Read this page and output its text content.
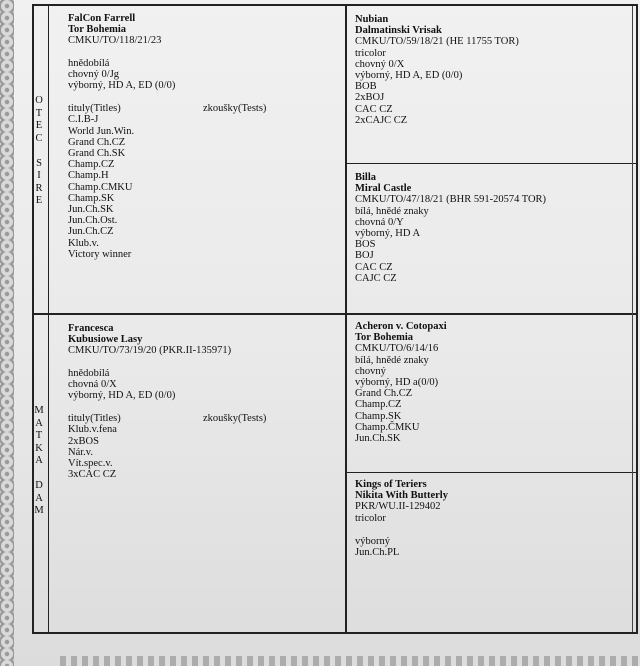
O
T
E
C
S
I
R
E
M
A
T
K
A
D
A
M
FalCon Farrell
Tor Bohemia
CMKU/TO/118/21/23
hnědobílá
chovný 0/Jg
výborný, HD A, ED (0/0)
tituly(Titles)	zkoušky(Tests)
C.I.B-J
World Jun.Win.
Grand Ch.CZ
Grand Ch.SK
Champ.CZ
Champ.H
Champ.CMKU
Champ.SK
Jun.Ch.SK
Jun.Ch.Ost.
Jun.Ch.CZ
Klub.v.
Victory winner
Nubian
Dalmatinski Vrisak
CMKU/TO/59/18/21 (HE 11755 TOR)
tricolor
chovný 0/X
výborný, HD A, ED (0/0)
BOB
2xBOJ
CAC CZ
2xCAJC CZ
Billa
Miral Castle
CMKU/TO/47/18/21 (BHR 591-20574 TOR)
bílá, hnědé znaky
chovná 0/Y
výborný, HD A
BOS
BOJ
CAC CZ
CAJC CZ
Francesca
Kubusiowe Lasy
CMKU/TO/73/19/20 (PKR.II-135971)
hnědobílá
chovná 0/X
výborný, HD A, ED (0/0)
tituly(Titles)	zkoušky(Tests)
Klub.v.fena
2xBOS
Nár.v.
Vít.spec.v.
3xCAC CZ
Acheron v. Cotopaxi
Tor Bohemia
CMKU/TO/6/14/16
bílá, hnědé znaky
chovný
výborný, HD a(0/0)
Grand Ch.CZ
Champ.CZ
Champ.SK
Champ.ČMKU
Jun.Ch.SK
Kings of Teriers
Nikita With Butterly
PKR/WU.II-129402
tricolor
výborný
Jun.Ch.PL
